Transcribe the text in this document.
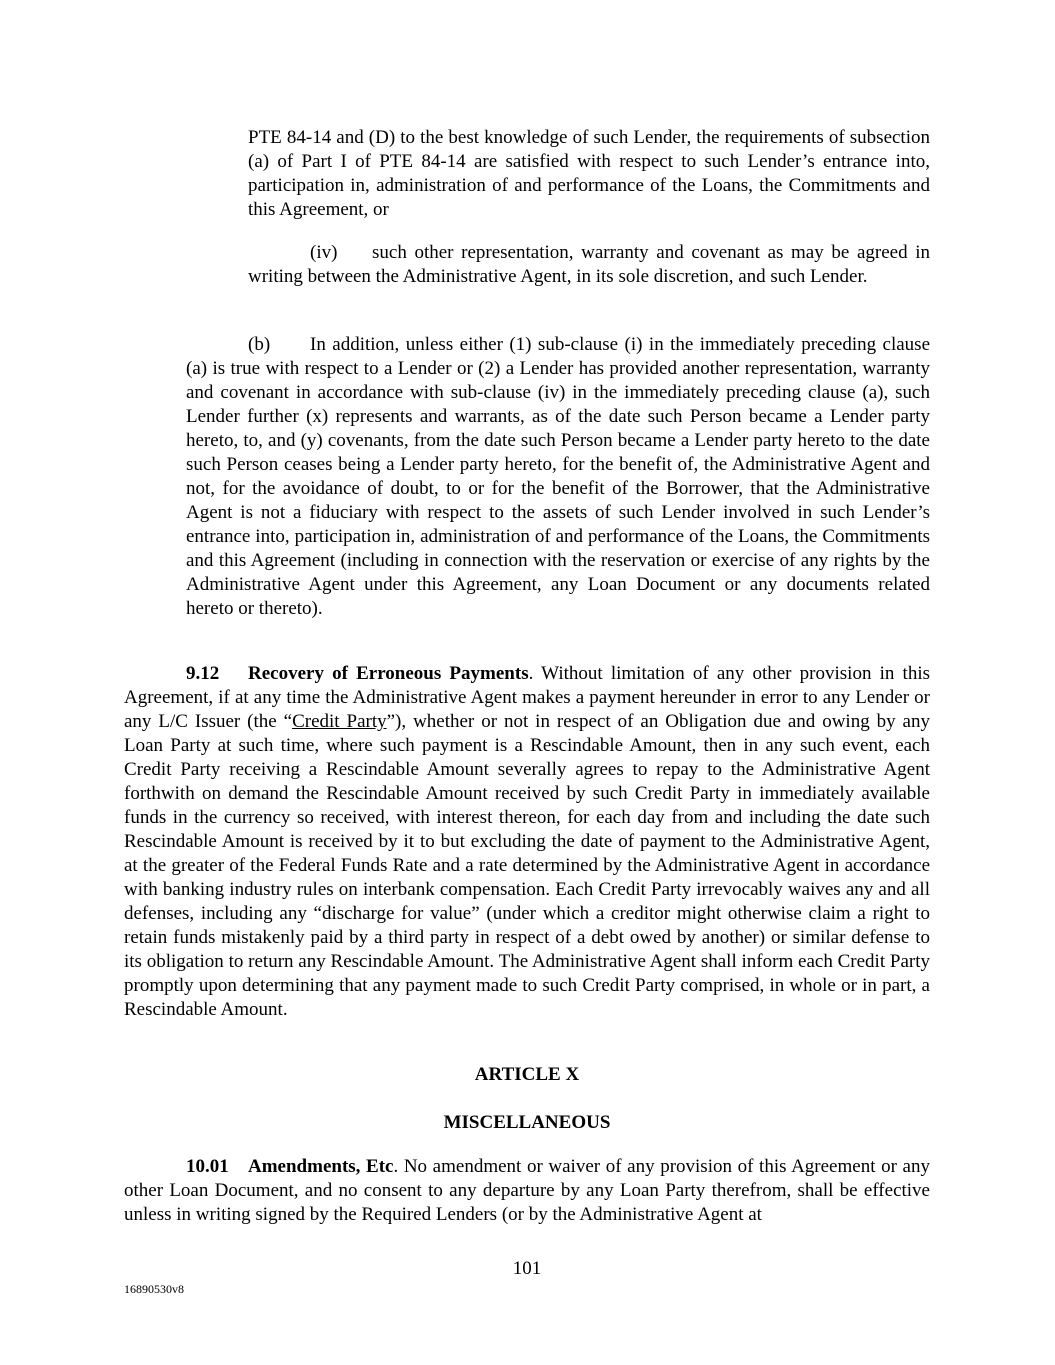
PTE 84-14 and (D) to the best knowledge of such Lender, the requirements of subsection (a) of Part I of PTE 84-14 are satisfied with respect to such Lender’s entrance into, participation in, administration of and performance of the Loans, the Commitments and this Agreement, or

(iv) such other representation, warranty and covenant as may be agreed in writing between the Administrative Agent, in its sole discretion, and such Lender.

(b) In addition, unless either (1) sub-clause (i) in the immediately preceding clause (a) is true with respect to a Lender or (2) a Lender has provided another representation, warranty and covenant in accordance with sub-clause (iv) in the immediately preceding clause (a), such Lender further (x) represents and warrants, as of the date such Person became a Lender party hereto, to, and (y) covenants, from the date such Person became a Lender party hereto to the date such Person ceases being a Lender party hereto, for the benefit of, the Administrative Agent and not, for the avoidance of doubt, to or for the benefit of the Borrower, that the Administrative Agent is not a fiduciary with respect to the assets of such Lender involved in such Lender’s entrance into, participation in, administration of and performance of the Loans, the Commitments and this Agreement (including in connection with the reservation or exercise of any rights by the Administrative Agent under this Agreement, any Loan Document or any documents related hereto or thereto).

9.12 Recovery of Erroneous Payments. Without limitation of any other provision in this Agreement, if at any time the Administrative Agent makes a payment hereunder in error to any Lender or any L/C Issuer (the “Credit Party”), whether or not in respect of an Obligation due and owing by any Loan Party at such time, where such payment is a Rescindable Amount, then in any such event, each Credit Party receiving a Rescindable Amount severally agrees to repay to the Administrative Agent forthwith on demand the Rescindable Amount received by such Credit Party in immediately available funds in the currency so received, with interest thereon, for each day from and including the date such Rescindable Amount is received by it to but excluding the date of payment to the Administrative Agent, at the greater of the Federal Funds Rate and a rate determined by the Administrative Agent in accordance with banking industry rules on interbank compensation. Each Credit Party irrevocably waives any and all defenses, including any “discharge for value” (under which a creditor might otherwise claim a right to retain funds mistakenly paid by a third party in respect of a debt owed by another) or similar defense to its obligation to return any Rescindable Amount. The Administrative Agent shall inform each Credit Party promptly upon determining that any payment made to such Credit Party comprised, in whole or in part, a Rescindable Amount.

ARTICLE X

MISCELLANEOUS

10.01 Amendments, Etc. No amendment or waiver of any provision of this Agreement or any other Loan Document, and no consent to any departure by any Loan Party therefrom, shall be effective unless in writing signed by the Required Lenders (or by the Administrative Agent at

101

16890530v8
